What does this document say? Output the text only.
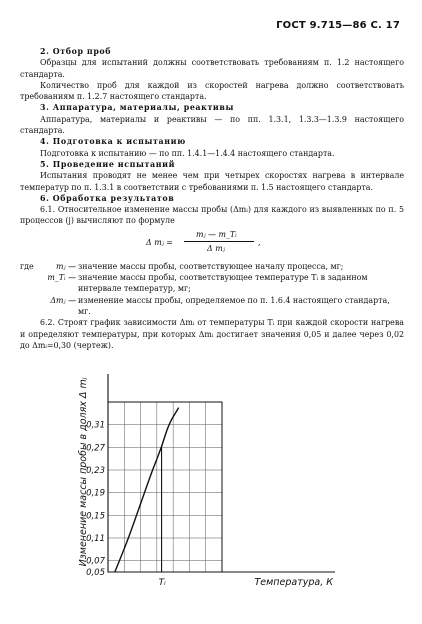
ГОСТ 9.715—86 С. 17

2. Отбор проб

Образцы для испытаний должны соответствовать требованиям п. 1.2 настоящего стандарта.

Количество проб для каждой из скоростей нагрева должно соответствовать требованиям п. 1.2.7 настоящего стандарта.

3. Аппаратура, материалы, реактивы

Аппаратура, материалы и реактивы — по пп. 1.3.1, 1.3.3—1.3.9 настоящего стандарта.

4. Подготовка к испытанию

Подготовка к испытанию — по пп. 1.4.1—1.4.4 настоящего стандарта.

5. Проведение испытаний

Испытания проводят не менее чем при четырех скоростях нагрева в интервале температур по п. 1.3.1 в соответствии с требованиями п. 1.5 настоящего стандарта.

6. Обработка результатов

6.1. Относительное изменение массы пробы (Δmᵢ) для каждого из выявленных по п. 5 процессов (j) вычисляют по формуле

Δ mⱼ =
mⱼ — m_Tᵢ
Δ mⱼ
,

где	mⱼ — значение массы пробы, соответствующее началу процесса, мг;

m_Tᵢ — значение массы пробы, соответствующее температуре Tᵢ в заданном интервале температур, мг;

Δmⱼ — изменение массы пробы, определяемое по п. 1.6.4 настоящего стандарта, мг.

6.2. Строят график зависимости Δmᵢ от температуры Tᵢ при каждой скорости нагрева и определяют температуры, при которых Δmᵢ достигает значения 0,05 и далее через 0,02 до Δmᵢ=0,30 (чертеж).

0,05
0,07
0,11
0,15
0,19
0,23
0,27
0,31
Tᵢ	Температура, К
Изменение массы пробы в долях Δ mⱼ
